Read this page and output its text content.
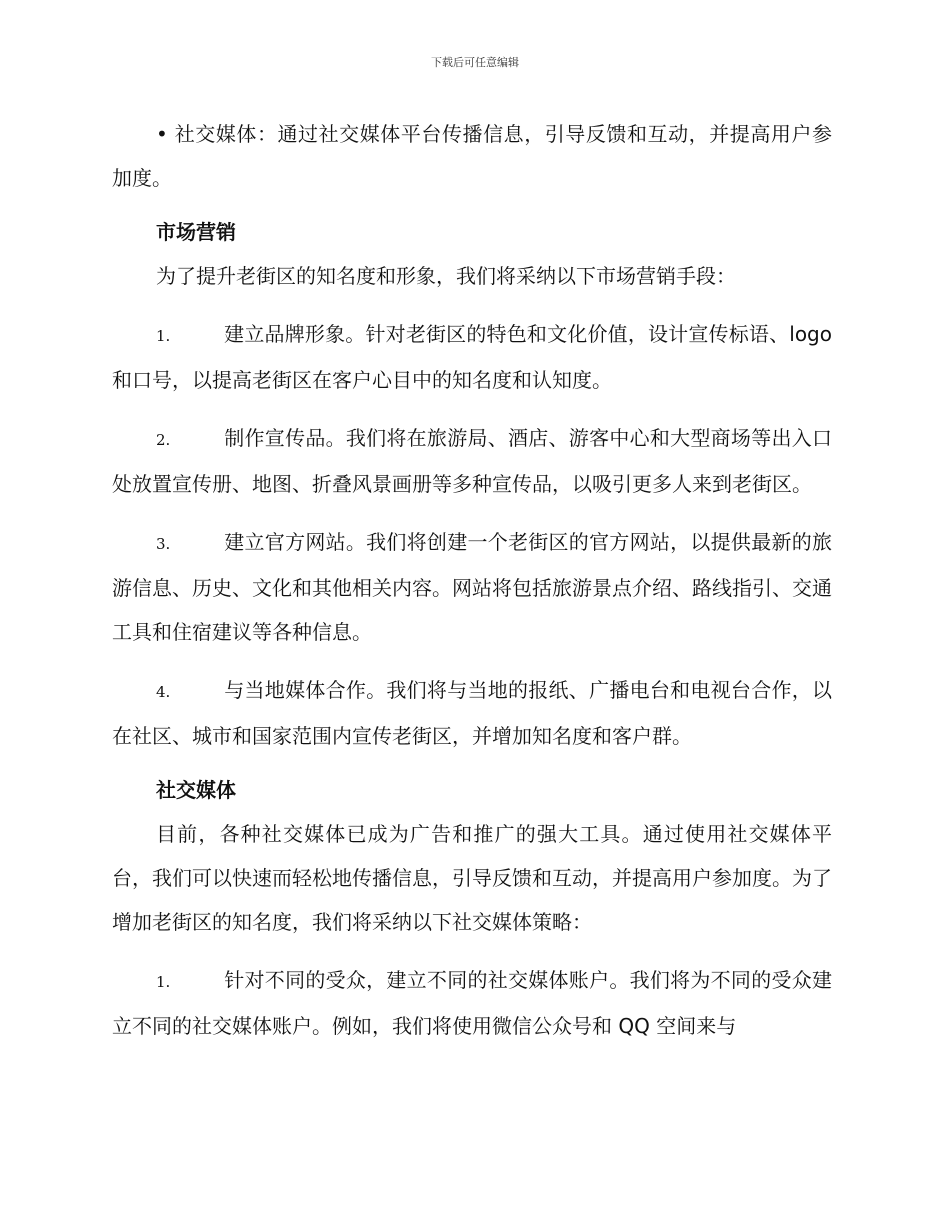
下载后可任意编辑

• 社交媒体：通过社交媒体平台传播信息，引导反馈和互动，并提高用户参加度。

市场营销

为了提升老街区的知名度和形象，我们将采纳以下市场营销手段：

1.	建立品牌形象。针对老街区的特色和文化价值，设计宣传标语、logo 和口号，以提高老街区在客户心目中的知名度和认知度。

2.	制作宣传品。我们将在旅游局、酒店、游客中心和大型商场等出入口处放置宣传册、地图、折叠风景画册等多种宣传品，以吸引更多人来到老街区。

3.	建立官方网站。我们将创建一个老街区的官方网站，以提供最新的旅游信息、历史、文化和其他相关内容。网站将包括旅游景点介绍、路线指引、交通工具和住宿建议等各种信息。

4.	与当地媒体合作。我们将与当地的报纸、广播电台和电视台合作，以在社区、城市和国家范围内宣传老街区，并增加知名度和客户群。

社交媒体

目前，各种社交媒体已成为广告和推广的强大工具。通过使用社交媒体平台，我们可以快速而轻松地传播信息，引导反馈和互动，并提高用户参加度。为了增加老街区的知名度，我们将采纳以下社交媒体策略：

1.	针对不同的受众，建立不同的社交媒体账户。我们将为不同的受众建立不同的社交媒体账户。例如，我们将使用微信公众号和 QQ 空间来与
